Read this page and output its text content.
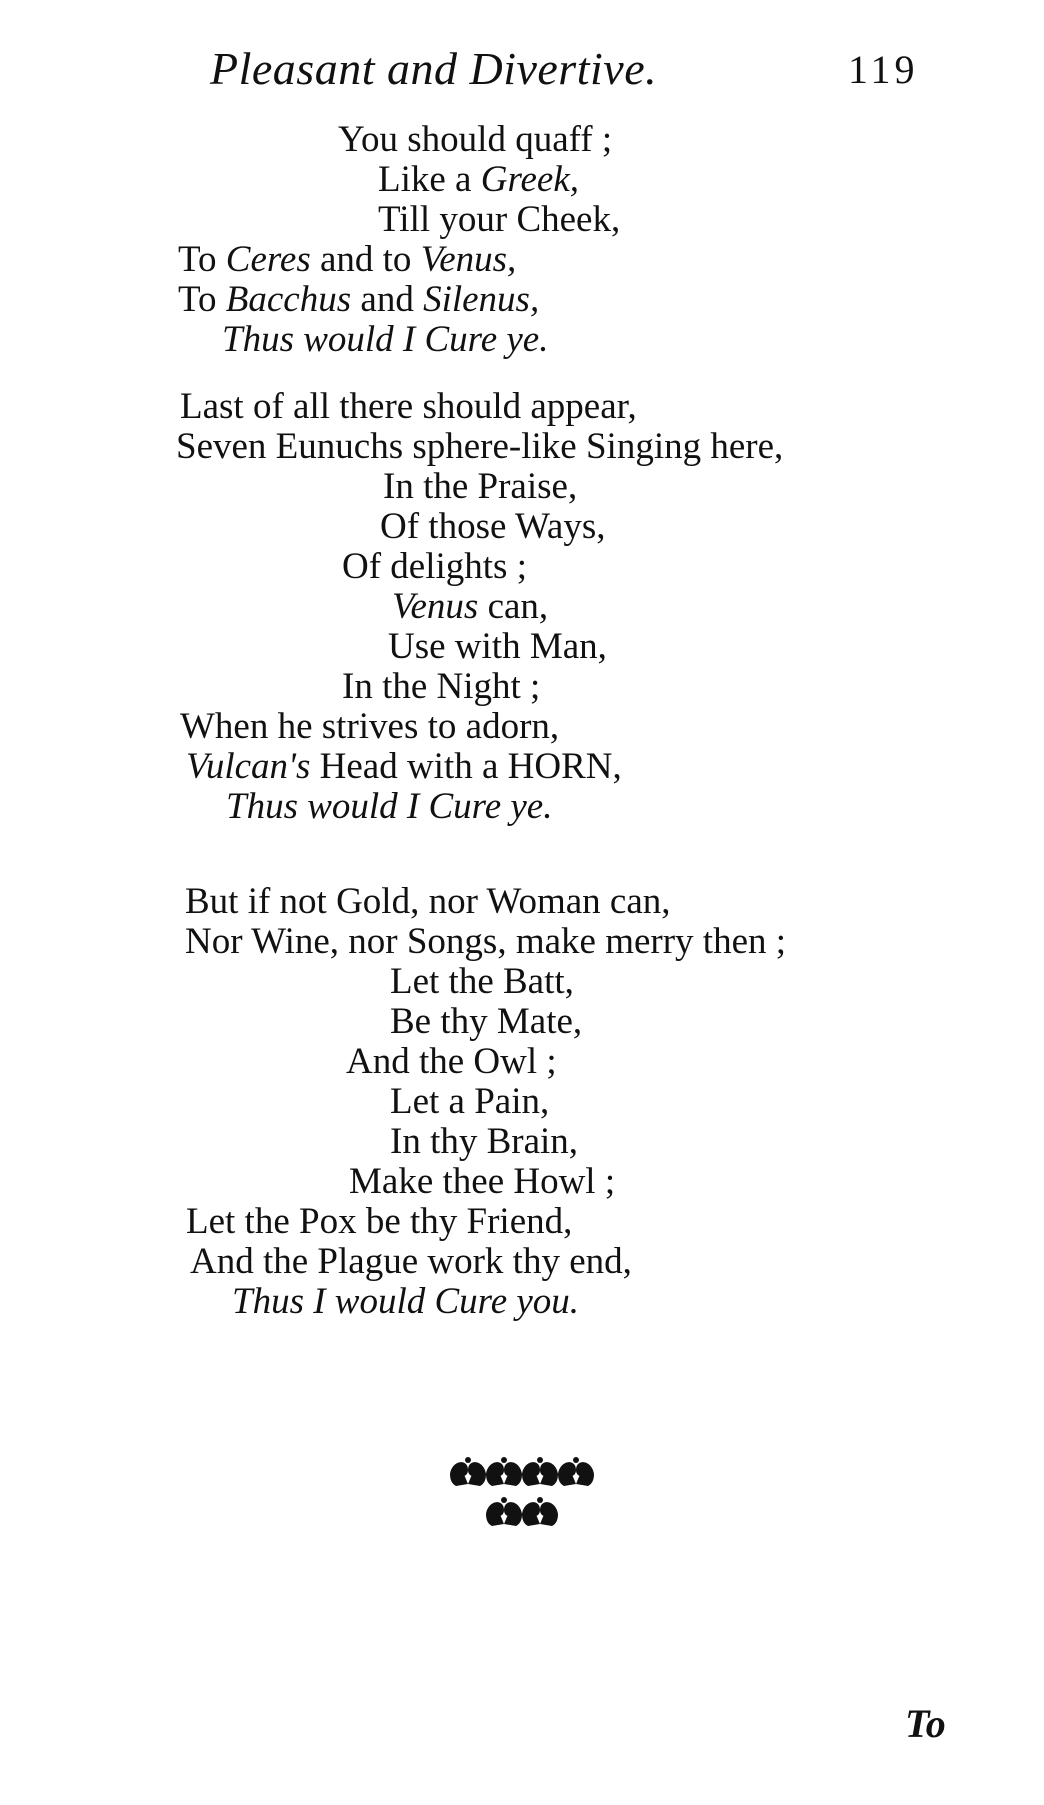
Pleasant and Divertive.	119
You should quaff ;
Like a Greek,
Till your Cheek,
To Ceres and to Venus,
To Bacchus and Silenus,
Thus would I Cure ye.
Last of all there should appear,
Seven Eunuchs sphere-like Singing here,
In the Praise,
Of those Ways,
Of delights ;
Venus can,
Use with Man,
In the Night ;
When he strives to adorn,
Vulcan's Head with a HORN,
Thus would I Cure ye.
But if not Gold, nor Woman can,
Nor Wine, nor Songs, make merry then ;
Let the Batt,
Be thy Mate,
And the Owl ;
Let a Pain,
In thy Brain,
Make thee Howl ;
Let the Pox be thy Friend,
And the Plague work thy end,
Thus I would Cure you.
To
